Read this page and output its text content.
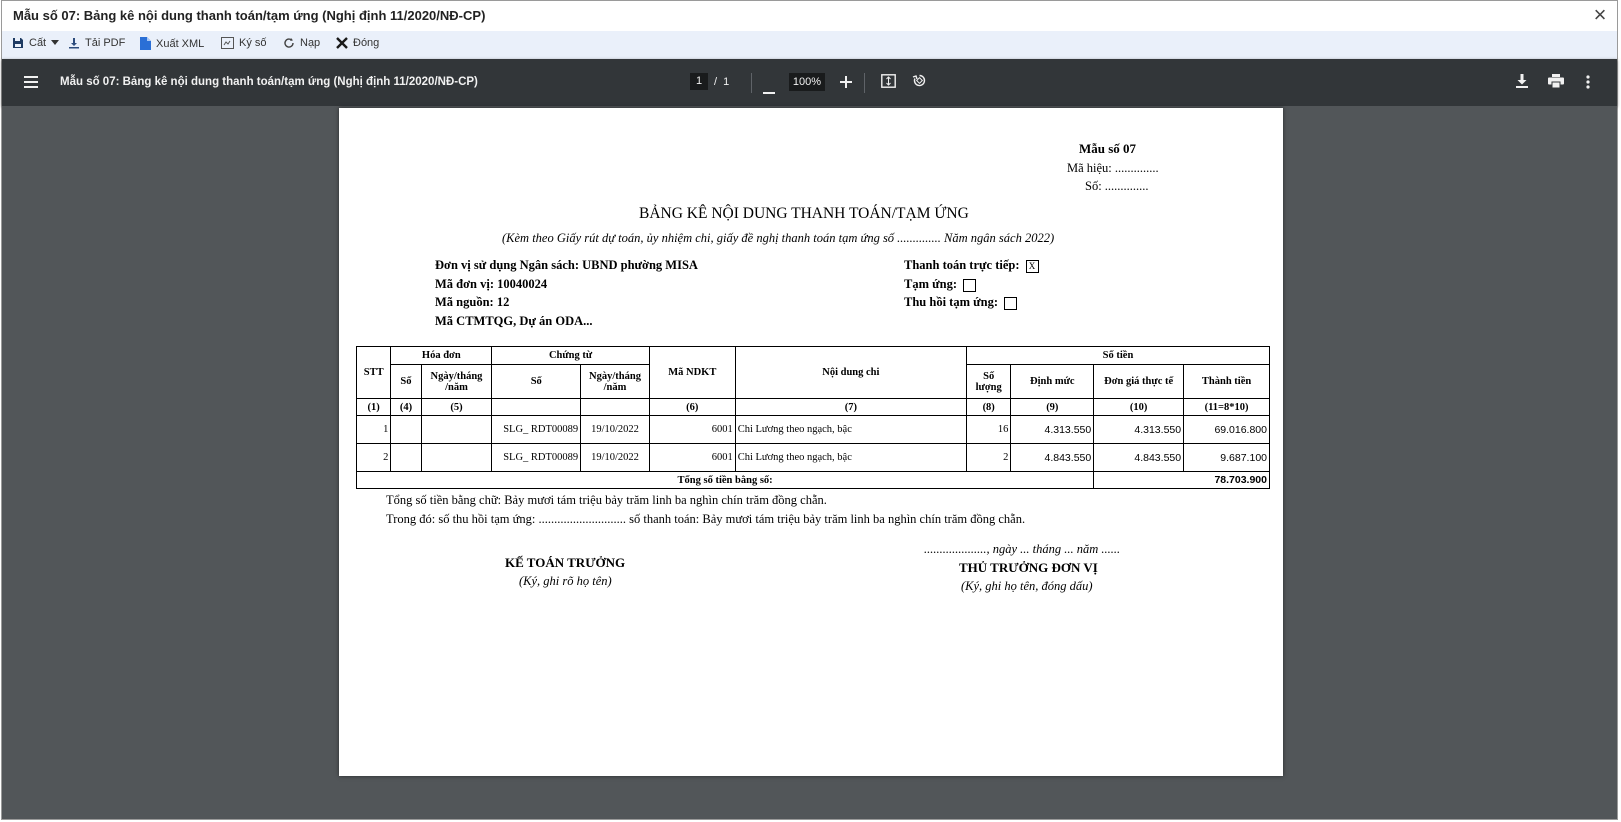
Mẫu số 07: Bảng kê nội dung thanh toán/tạm ứng (Nghị định 11/2020/NĐ-CP)	×
Cất	Tải PDF	Xuất XML	Ký số	Nạp	Đóng
Mẫu số 07: Bảng kê nội dung thanh toán/tạm ứng (Nghị định 11/2020/NĐ-CP)	1	/ 1	100%
Mẫu số 07
Mã hiệu: ..............
Số: ..............
BẢNG KÊ NỘI DUNG THANH TOÁN/TẠM ỨNG
(Kèm theo Giấy rút dự toán, ủy nhiệm chi, giấy đề nghị thanh toán tạm ứng số .............. Năm ngân sách 2022)
Đơn vị sử dụng Ngân sách: UBND phường MISA
Mã đơn vị: 10040024
Mã nguồn: 12
Mã CTMTQG, Dự án ODA...
Thanh toán trực tiếp: X
Tạm ứng:
Thu hồi tạm ứng:
STT	Hóa đơn		Chứng từ		Mã NDKT	Nội dung chi	Số tiền			
	Số	Ngày/tháng /năm	Số	Ngày/tháng /năm			Số lượng	Định mức	Đơn giá thực tế	Thành tiền
(1)	(4)	(5)			(6)	(7)	(8)	(9)	(10)	(11=8*10)
1			SLG_ RDT00089	19/10/2022	6001	Chi Lương theo ngạch, bậc	16	4.313.550	4.313.550	69.016.800
2			SLG_ RDT00089	19/10/2022	6001	Chi Lương theo ngạch, bậc	2	4.843.550	4.843.550	9.687.100
Tổng số tiền bằng số:									78.703.900	
Tổng số tiền bằng chữ: Bảy mươi tám triệu bảy trăm linh ba nghìn chín trăm đồng chẵn.
Trong đó: số thu hồi tạm ứng: ............................ số thanh toán: Bảy mươi tám triệu bảy trăm linh ba nghìn chín trăm đồng chẵn.
...................., ngày ... tháng ... năm ......
KẾ TOÁN TRƯỞNG
(Ký, ghi rõ họ tên)
THỦ TRƯỞNG ĐƠN VỊ
(Ký, ghi họ tên, đóng dấu)
